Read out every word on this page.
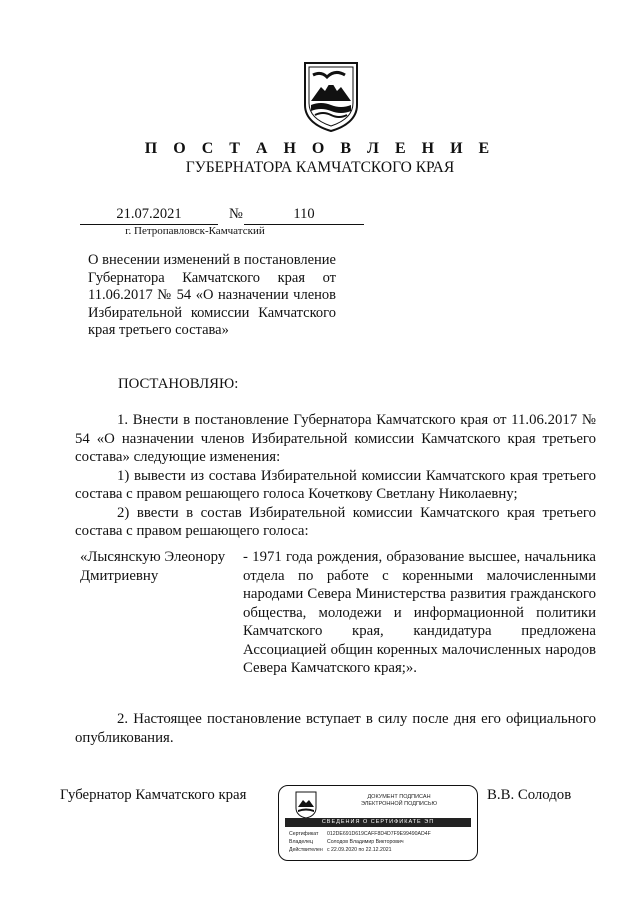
П О С Т А Н О В Л Е Н И Е
ГУБЕРНАТОРА КАМЧАТСКОГО КРАЯ
21.07.2021	№	110
г. Петропавловск-Камчатский
О внесении изменений в постановление Губернатора Камчатского края от 11.06.2017 № 54 «О назначении членов Избирательной комиссии Камчатского края третьего состава»
ПОСТАНОВЛЯЮ:
1. Внести в постановление Губернатора Камчатского края от 11.06.2017 № 54 «О назначении членов Избирательной комиссии Камчатского края третьего состава» следующие изменения:
1) вывести из состава Избирательной комиссии Камчатского края третьего состава с правом решающего голоса Кочеткову Светлану Николаевну;
2) ввести в состав Избирательной комиссии Камчатского края третьего состава с правом решающего голоса:
«Лысянскую Элеонору Дмитриевну
- 1971 года рождения, образование высшее, начальника отдела по работе с коренными малочисленными народами Севера Министерства развития гражданского общества, молодежи и информационной политики Камчатского края, кандидатура предложена Ассоциацией общин коренных малочисленных народов Севера Камчатского края;».
2. Настоящее постановление вступает в силу после дня его официального опубликования.
Губернатор Камчатского края	В.В. Солодов
ДОКУМЕНТ ПОДПИСАН
ЭЛЕКТРОННОЙ ПОДПИСЬЮ
СВЕДЕНИЯ О СЕРТИФИКАТЕ ЭП
Сертификат 012DE691D619CAFF8D4D7F9E99490AD4F
Владелец	Солодов Владимир Викторович
Действителен с 22.09.2020 по 22.12.2021
